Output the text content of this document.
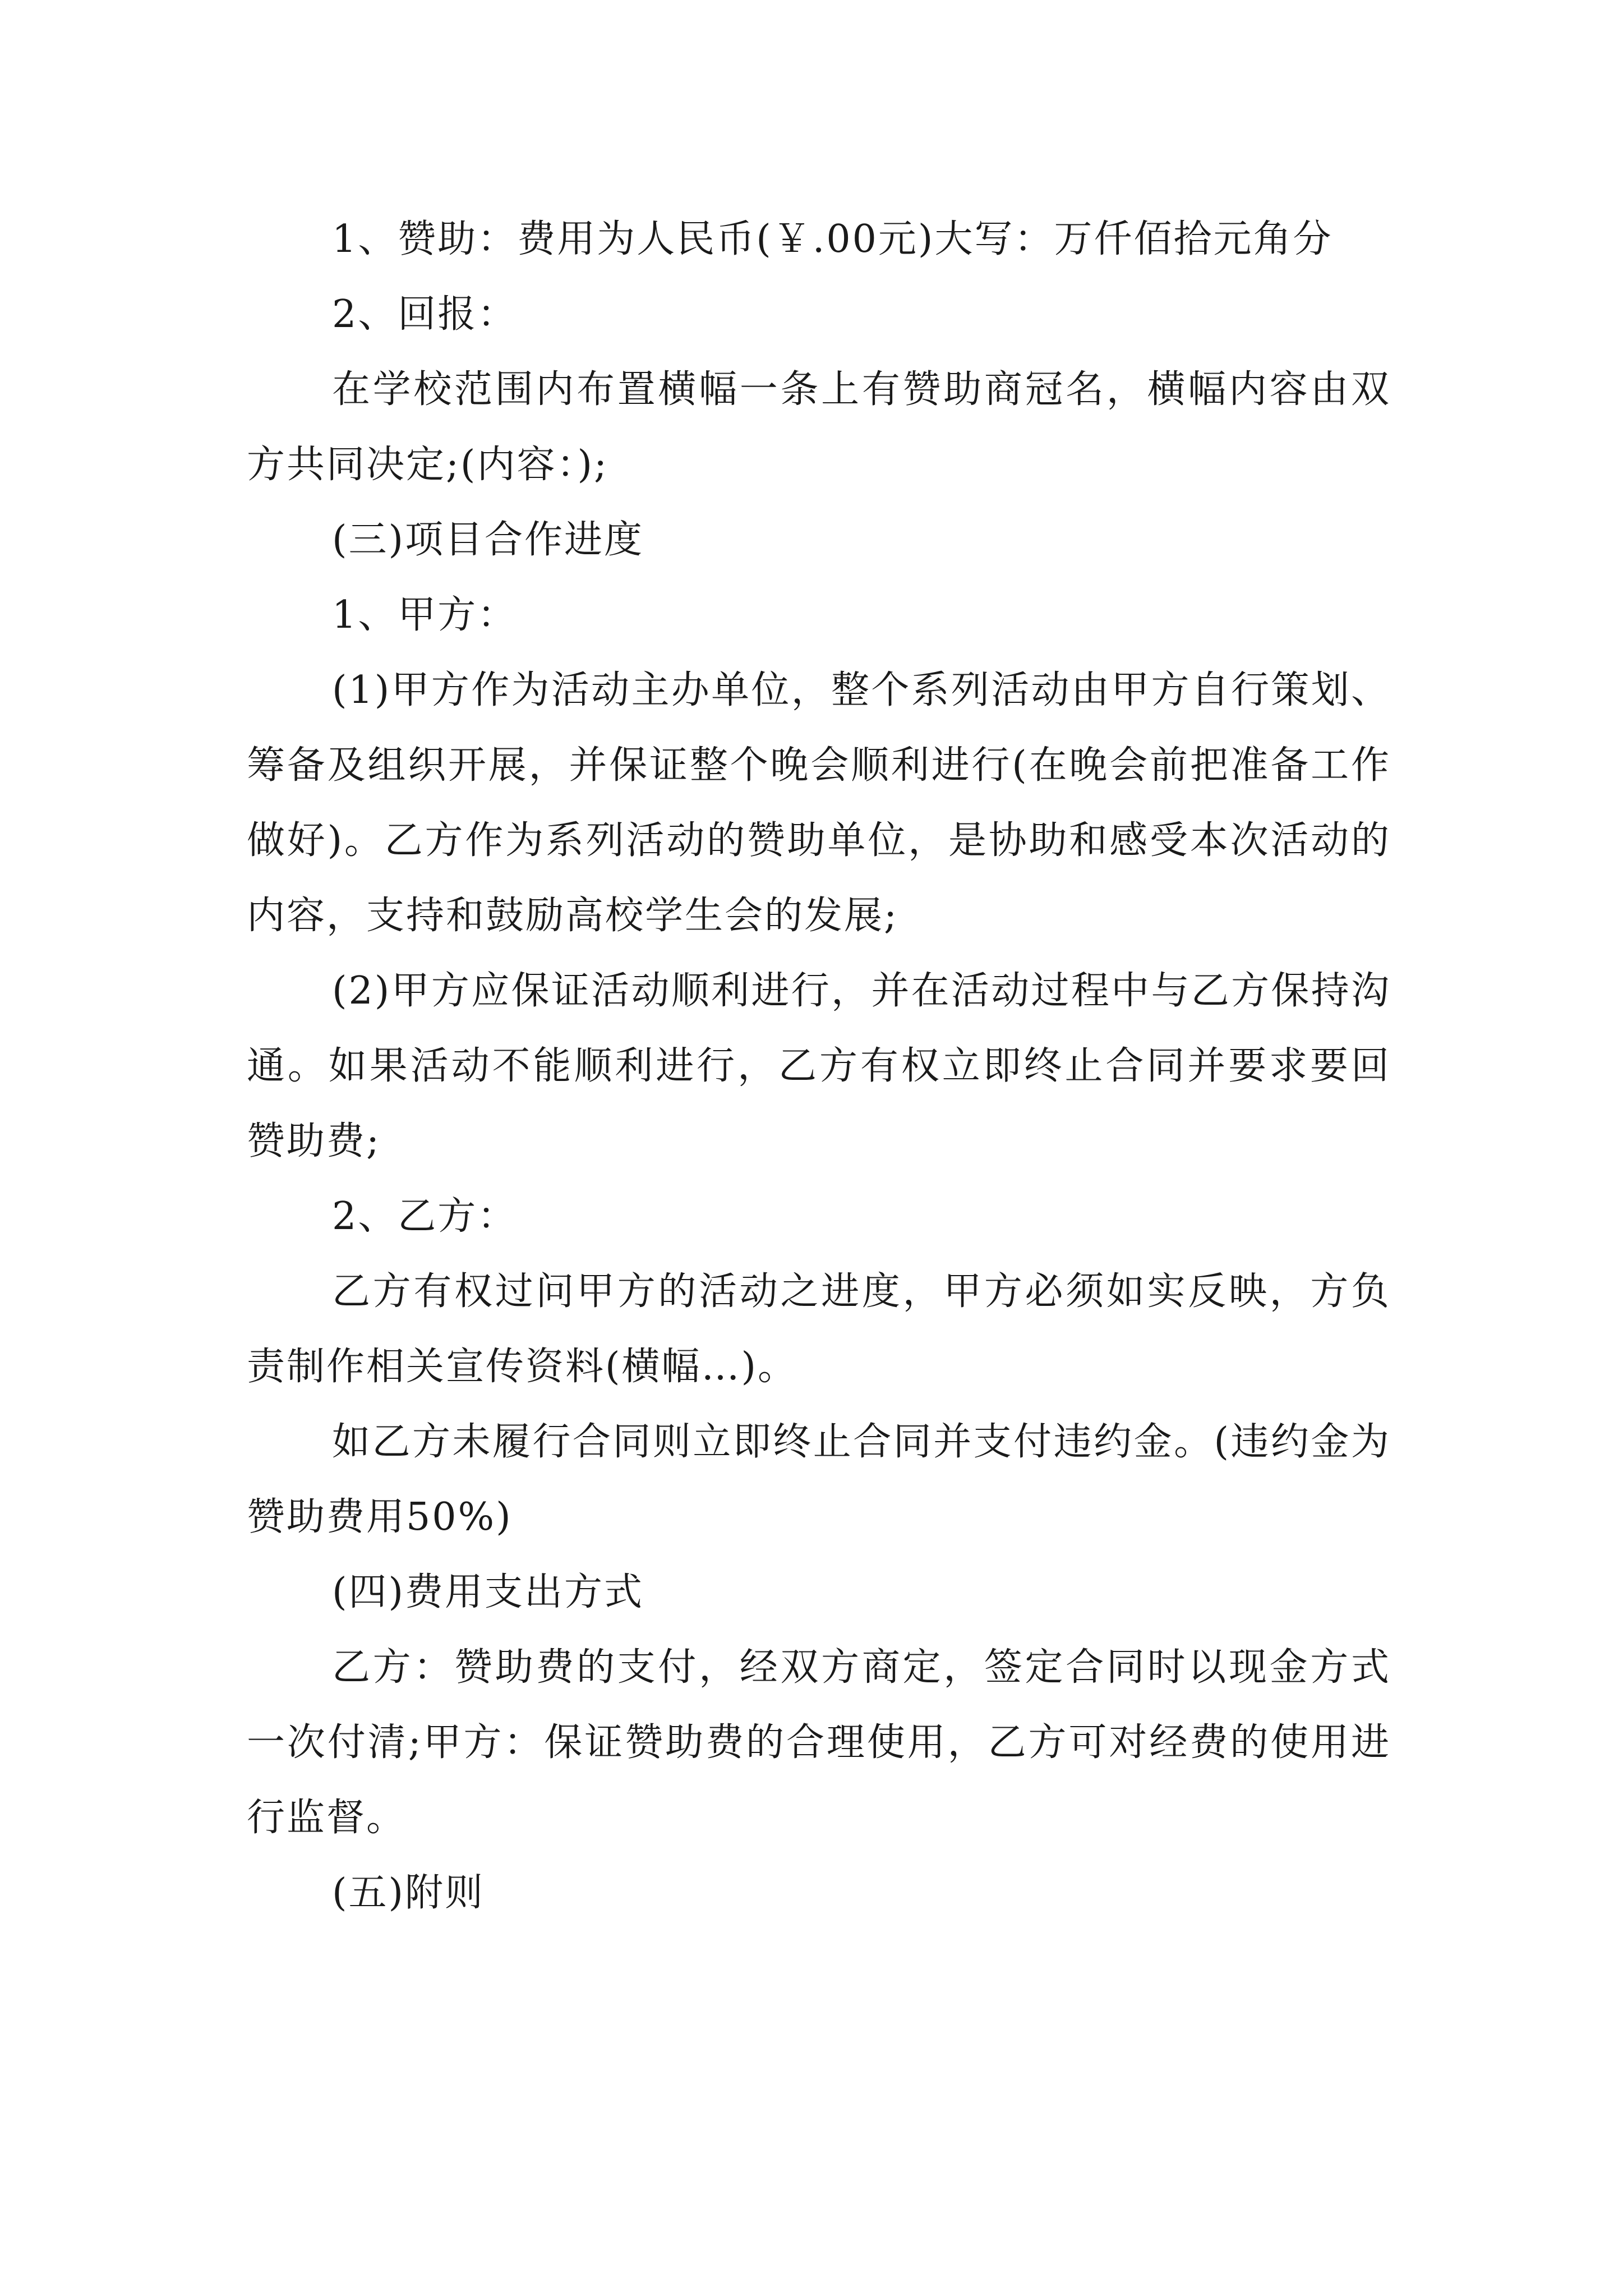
1、赞助：费用为人民币(￥.00元)大写：万仟佰拾元角分

2、回报：

在学校范围内布置横幅一条上有赞助商冠名，横幅内容由双方共同决定;(内容：);

(三)项目合作进度

1、甲方：

(1)甲方作为活动主办单位，整个系列活动由甲方自行策划、筹备及组织开展，并保证整个晚会顺利进行(在晚会前把准备工作做好)。乙方作为系列活动的赞助单位，是协助和感受本次活动的内容，支持和鼓励高校学生会的发展;

(2)甲方应保证活动顺利进行，并在活动过程中与乙方保持沟通。如果活动不能顺利进行，乙方有权立即终止合同并要求要回赞助费;

2、乙方：

乙方有权过问甲方的活动之进度，甲方必须如实反映，方负责制作相关宣传资料(横幅…)。

如乙方未履行合同则立即终止合同并支付违约金。(违约金为赞助费用50%)

(四)费用支出方式

乙方：赞助费的支付，经双方商定，签定合同时以现金方式一次付清;甲方：保证赞助费的合理使用，乙方可对经费的使用进行监督。

(五)附则
